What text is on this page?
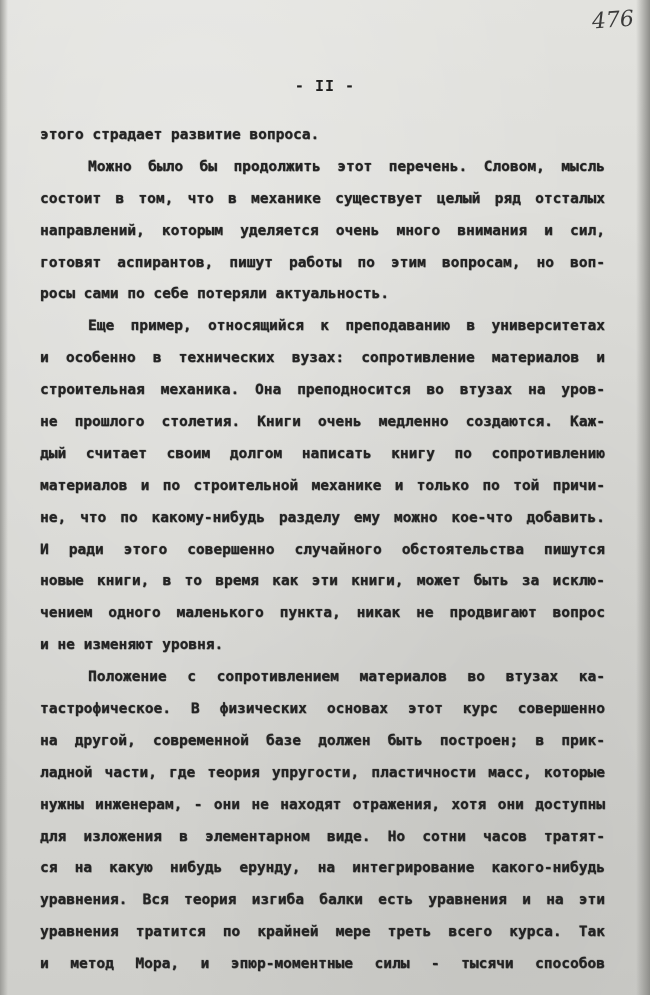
476
- II -
этого страдает развитие вопроса.
Можно было бы продолжить этот перечень. Словом, мысль
состоит в том, что в механике существует целый ряд отсталых
направлений, которым уделяется очень много внимания и сил,
готовят аспирантов, пишут работы по этим вопросам, но воп-
росы сами по себе потеряли актуальность.
Еще пример, относящийся к преподаванию в университетах
и особенно в технических вузах: сопротивление материалов и
строительная механика. Она преподносится во втузах на уров-
не прошлого столетия. Книги очень медленно создаются. Каж-
дый считает своим долгом написать книгу по сопротивлению
материалов и по строительной механике и только по той причи-
не, что по какому-нибудь разделу ему можно кое-что добавить.
И ради этого совершенно случайного обстоятельства пишутся
новые книги, в то время как эти книги, может быть за исклю-
чением одного маленького пункта, никак не продвигают вопрос
и не изменяют уровня.
Положение с сопротивлением материалов во втузах ка-
тастрофическое. В физических основах этот курс совершенно
на другой, современной базе должен быть построен; в прик-
ладной части, где теория упругости, пластичности масс, которые
нужны инженерам, - они не находят отражения, хотя они доступны
для изложения в элементарном виде. Но сотни часов тратят-
ся на какую нибудь ерунду, на интегрирование какого-нибудь
уравнения. Вся теория изгиба балки есть уравнения и на эти
уравнения тратится по крайней мере треть всего курса. Так
и метод Мора, и эпюр-моментные силы - тысячи способов
